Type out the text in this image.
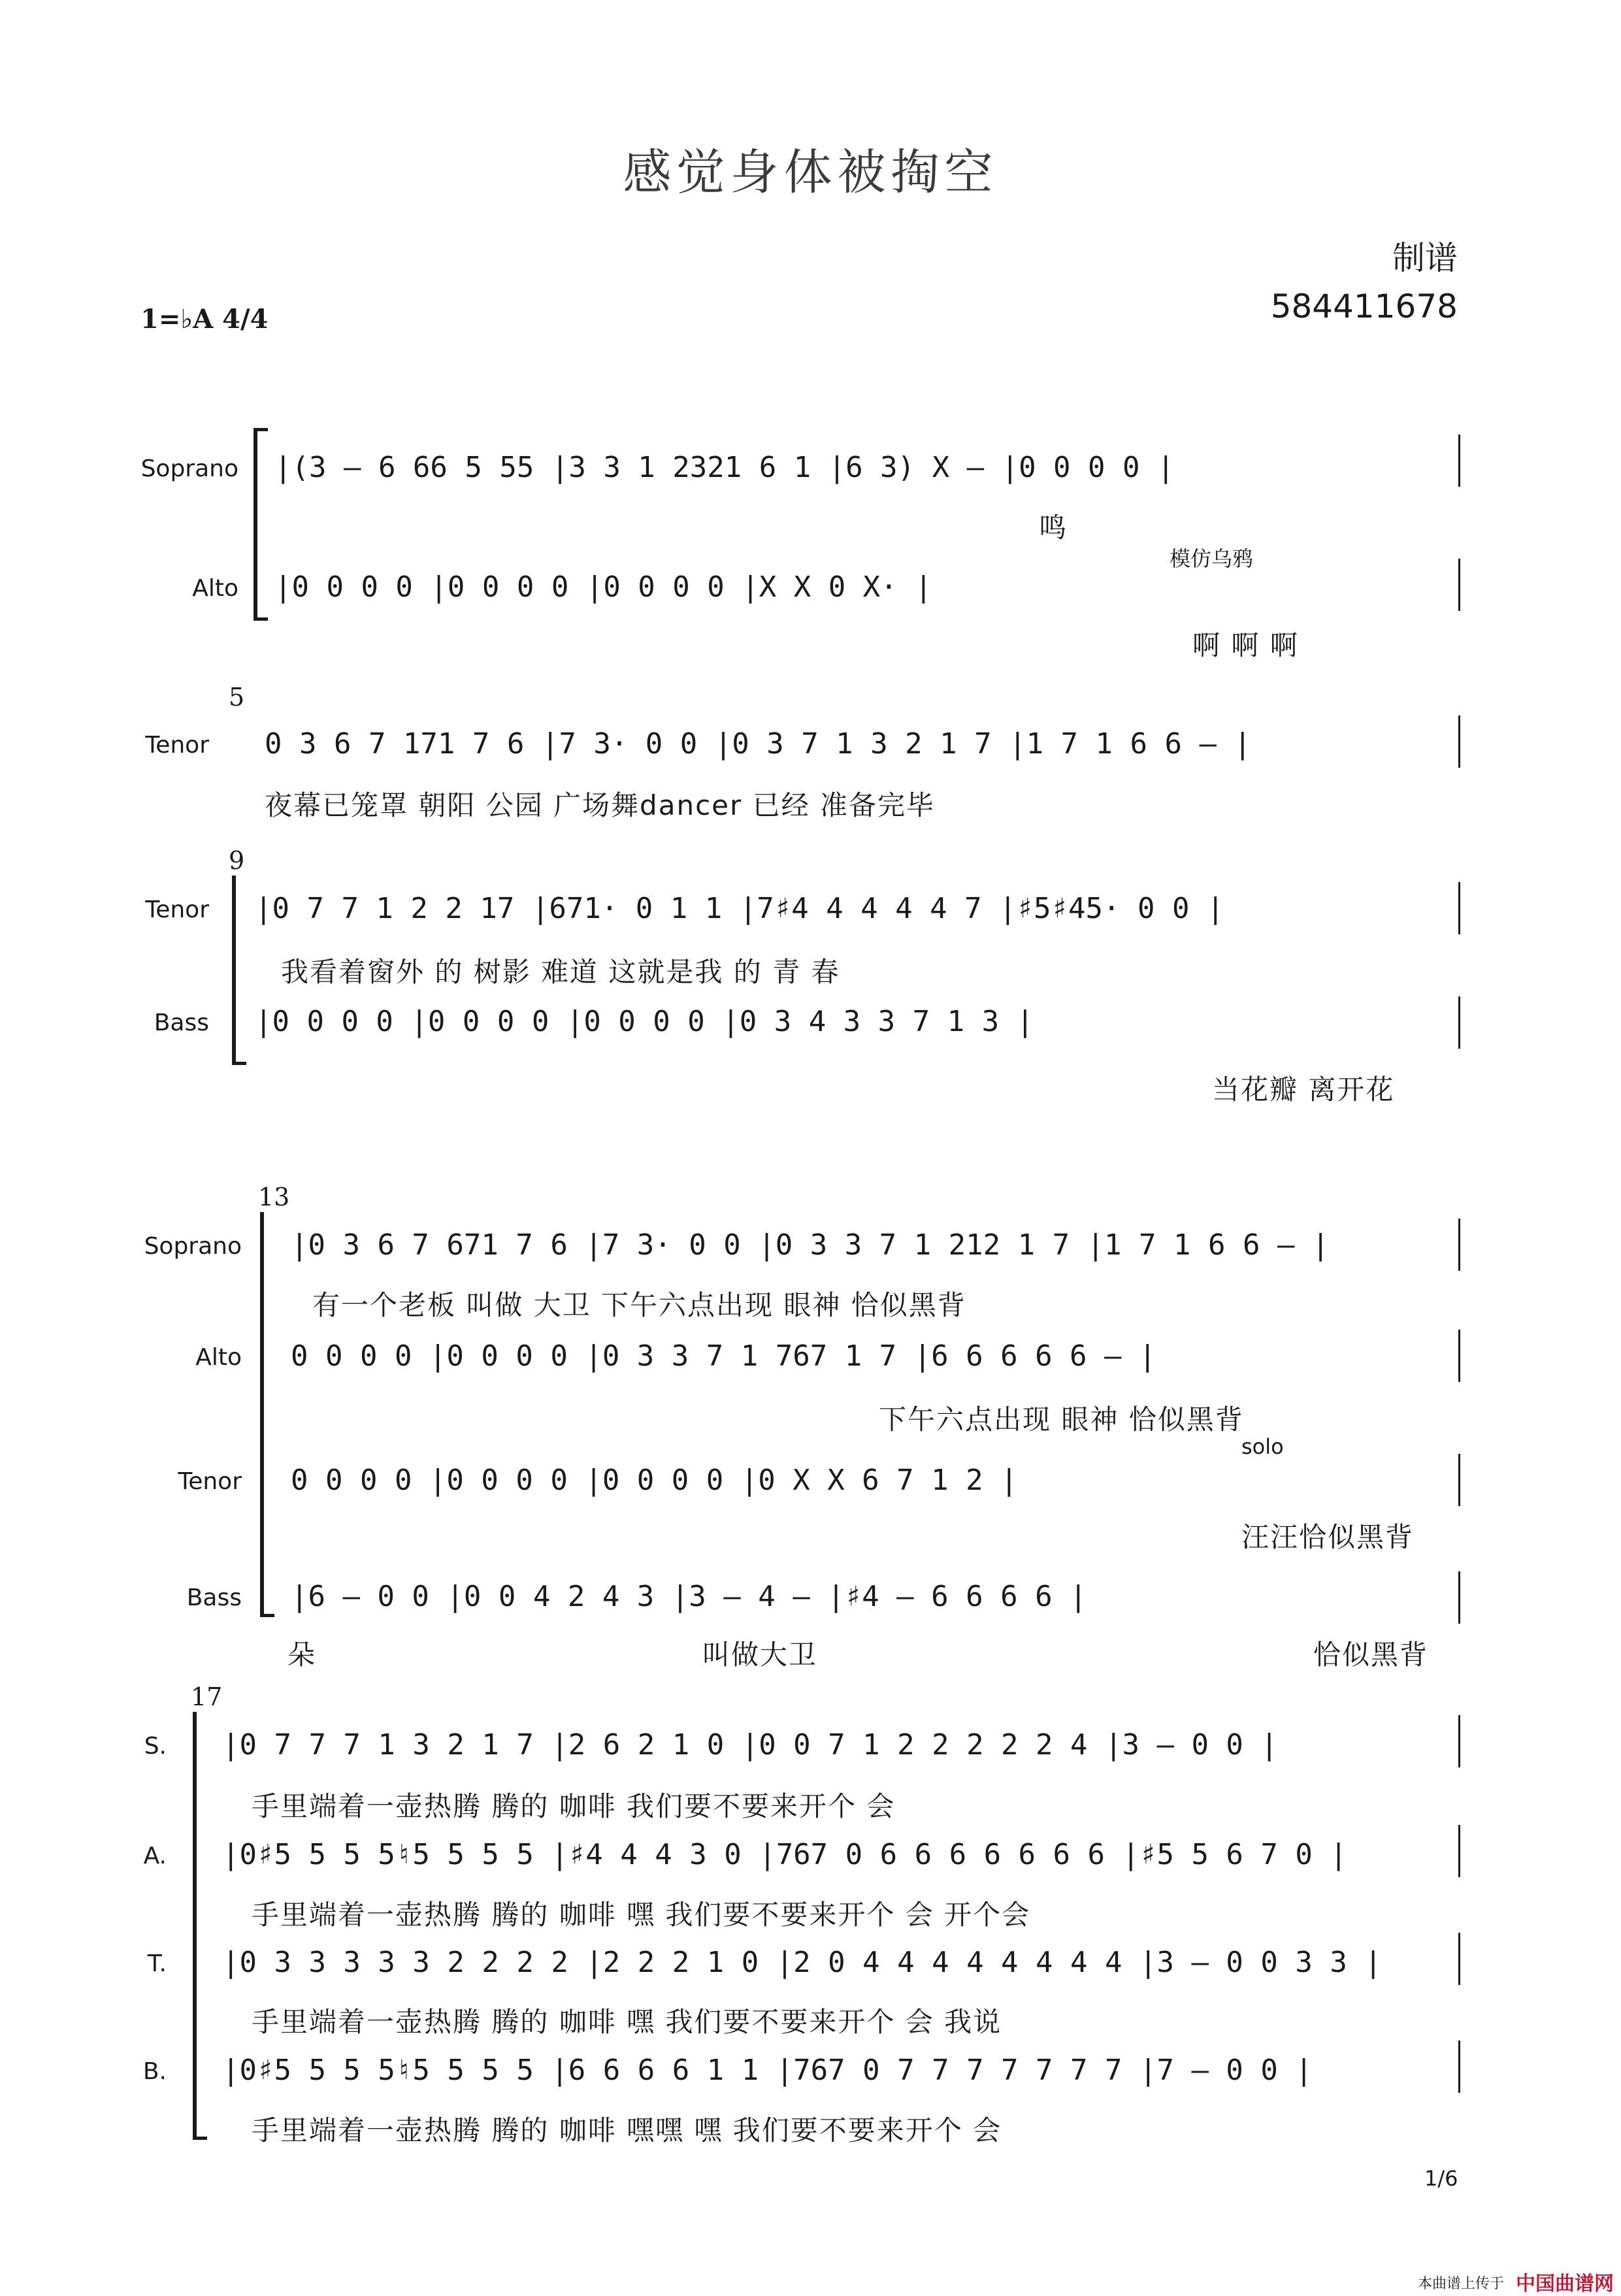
感觉身体被掏空
制谱
584411678
1=♭A 4/4
Soprano |(3 – 6 66 5 55 |3 3 1 2321 6 1 |6 3) X – |0 0 0 0 |
鸣
Alto |0 0 0 0 |0 0 0 0 |0 0 0 0 |X X 0 X· |
模仿乌鸦
啊 啊 啊
5
Tenor 0 3 6 7 171 7 6 |7 3· 0 0 |0 3 7 1 3 2 1 7 |1 7 1 6 6 – |
夜幕已笼罩 朝阳 公园 广场舞dancer 已经 准备完毕
9
Tenor |0 7 7 1 2 2 17 |671· 0 1 1 |7♯4 4 4 4 4 7 |♯5♯45· 0 0 |
我看着窗外 的 树影 难道 这就是我 的 青 春
Bass |0 0 0 0 |0 0 0 0 |0 0 0 0 |0 3 4 3 3 7 1 3 |
当花瓣 离开花
13
Soprano |0 3 6 7 671 7 6 |7 3· 0 0 |0 3 3 7 1 212 1 7 |1 7 1 6 6 – |
有一个老板 叫做 大卫 下午六点出现 眼神 恰似黑背
Alto 0 0 0 0 |0 0 0 0 |0 3 3 7 1 767 1 7 |6 6 6 6 6 – |
下午六点出现 眼神 恰似黑背
Tenor 0 0 0 0 |0 0 0 0 |0 0 0 0 |0 X X 6 7 1 2 |
solo
汪汪恰似黑背
Bass |6 – 0 0 |0 0 4 2 4 3 |3 – 4 – |♯4 – 6 6 6 6 |
朵	叫做大卫	恰似黑背
17
S. |0 7 7 7 1 3 2 1 7 |2 6 2 1 0 |0 0 7 1 2 2 2 2 2 4 |3 – 0 0 |
手里端着一壶热腾 腾的 咖啡 我们要不要来开个 会
A. |0♯5 5 5 5♮5 5 5 5 |♯4 4 4 3 0 |767 0 6 6 6 6 6 6 6 |♯5 5 6 7 0 |
手里端着一壶热腾 腾的 咖啡 嘿 我们要不要来开个 会 开个会
T. |0 3 3 3 3 3 2 2 2 2 |2 2 2 1 0 |2 0 4 4 4 4 4 4 4 4 |3 – 0 0 3 3 |
手里端着一壶热腾 腾的 咖啡 嘿 我们要不要来开个 会 我说
B. |0♯5 5 5 5♮5 5 5 5 |6 6 6 6 1 1 |767 0 7 7 7 7 7 7 7 |7 – 0 0 |
手里端着一壶热腾 腾的 咖啡 嘿嘿 嘿 我们要不要来开个 会
1/6
本曲谱上传于 中国曲谱网
